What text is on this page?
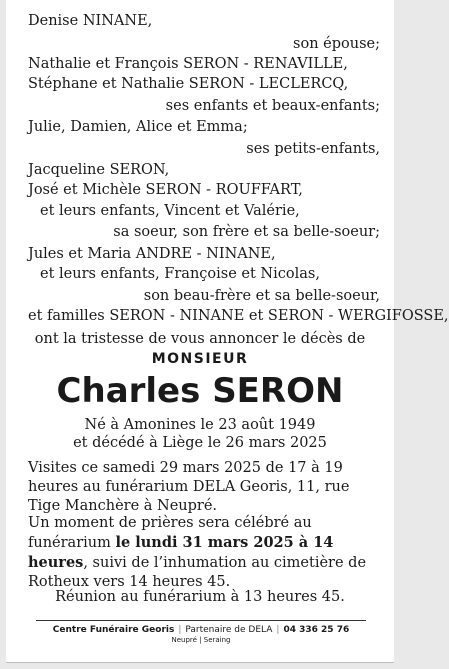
Denise NINANE,
son épouse;
Nathalie et François SERON - RENAVILLE,
Stéphane et Nathalie SERON - LECLERCQ,
ses enfants et beaux-enfants;
Julie, Damien, Alice et Emma;
ses petits-enfants,
Jacqueline SERON,
José et Michèle SERON - ROUFFART,
et leurs enfants, Vincent et Valérie,
sa soeur, son frère et sa belle-soeur;
Jules et Maria ANDRE - NINANE,
et leurs enfants, Françoise et Nicolas,
son beau-frère et sa belle-soeur,
et familles SERON - NINANE et SERON - WERGIFOSSE,
ont la tristesse de vous annoncer le décès de
MONSIEUR
Charles SERON
Né à Amonines le 23 août 1949
et décédé à Liège le 26 mars 2025
Visites ce samedi 29 mars 2025 de 17 à 19 heures au funérarium DELA Georis, 11, rue Tige Manchère à Neupré.
Un moment de prières sera célébré au funérarium le lundi 31 mars 2025 à 14 heures, suivi de l’inhumation au cimetière de Rotheux vers 14 heures 45.
Réunion au funérarium à 13 heures 45.
Centre Funéraire Georis | Partenaire de DELA | 04 336 25 76
Neupré | Seraing
